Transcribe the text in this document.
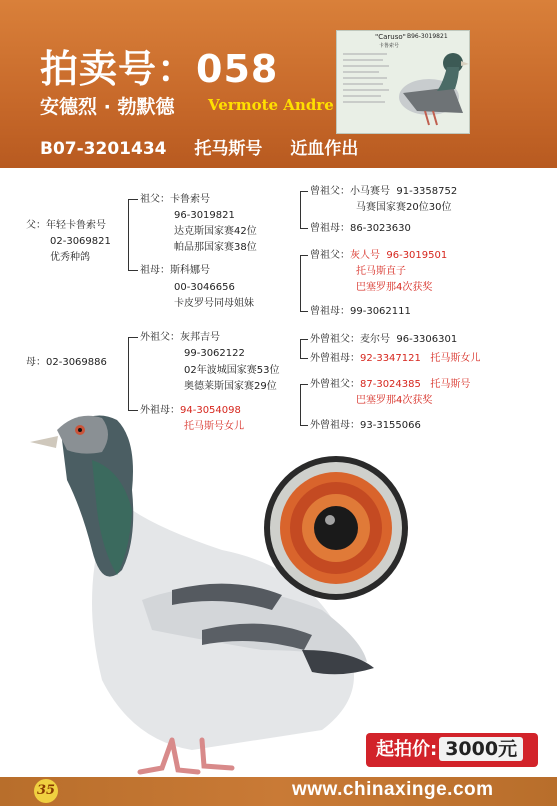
拍卖号：058
安德烈 · 勃默德 Vermote Andre
B07-3201434 托马斯号 近血作出
"Caruso" B96-3019821
卡鲁索号
父：年轻卡鲁索号
02-3069821
优秀种鸽
母：02-3069886
祖父：卡鲁索号
96-3019821
达克斯国家赛42位
帕品那国家赛38位
祖母：斯科娜号
00-3046656
卡皮罗号同母姐妹
外祖父：灰邦吉号
99-3062122
02年波城国家赛53位
奥德莱斯国家赛29位
外祖母：94-3054098
托马斯号女儿
曾祖父：小马赛号 91-3358752
马赛国家赛20位30位
曾祖母：86-3023630
曾祖父：灰人号 96-3019501
托马斯直子
巴塞罗那4次获奖
曾祖母：99-3062111
外曾祖父：麦尔号 96-3306301
外曾祖母：92-3347121 托马斯女儿
外曾祖父：87-3024385 托马斯号
巴塞罗那4次获奖
外曾祖母：93-3155066
起拍价: 3000元
35	www.chinaxinge.com
